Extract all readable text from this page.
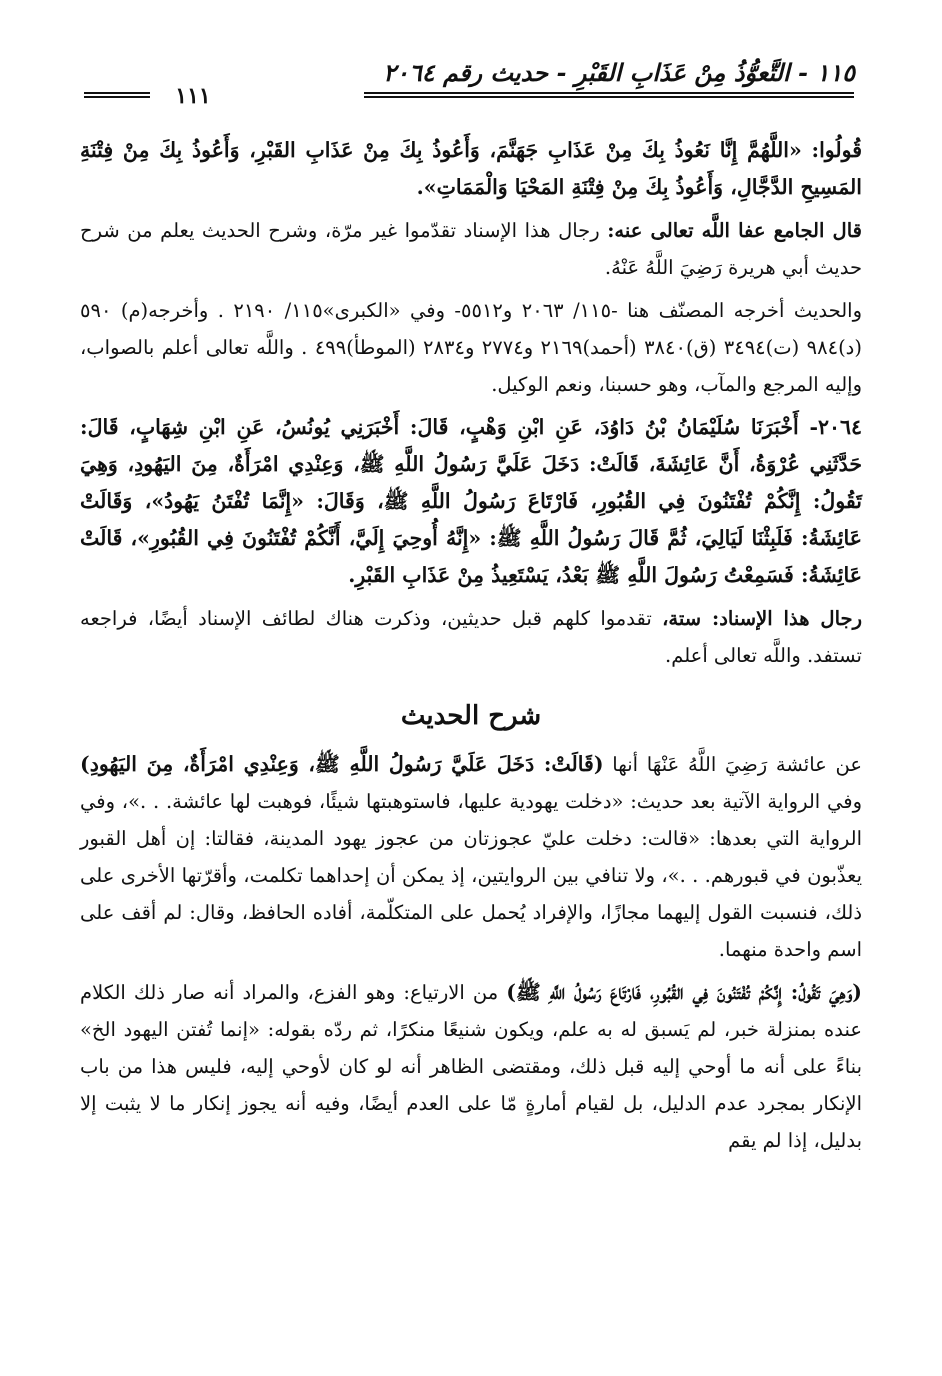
١١٥ - التَّعوُّذُ مِنْ عَذَابِ القَبْرِ - حديث رقم ٢٠٦٤
١١١

قُولُوا: «اللَّهُمَّ إِنَّا نَعُوذُ بِكَ مِنْ عَذَابِ جَهَنَّمَ، وَأَعُوذُ بِكَ مِنْ عَذَابِ القَبْرِ، وَأَعُوذُ بِكَ مِنْ فِتْنَةِ المَسِيحِ الدَّجَّالِ، وَأَعُوذُ بِكَ مِنْ فِتْنَةِ المَحْيَا وَالْمَمَاتِ».

قال الجامع عفا اللَّه تعالى عنه: رجال هذا الإسناد تقدّموا غير مرّة، وشرح الحديث يعلم من شرح حديث أبي هريرة رَضِيَ اللَّهُ عَنْهُ.

والحديث أخرجه المصنّف هنا -١١٥/ ٢٠٦٣ و٥٥١٢- وفي «الكبرى»١١٥/ ٢١٩٠ . وأخرجه(م) ٥٩٠ (د)٩٨٤ (ت)٣٤٩٤ (ق)٣٨٤٠ (أحمد)٢١٦٩ و٢٧٧٤ و٢٨٣٤ (الموطأ)٤٩٩ . واللَّه تعالى أعلم بالصواب، وإليه المرجع والمآب، وهو حسبنا، ونعم الوكيل.

٢٠٦٤- أَخْبَرَنَا سُلَيْمَانُ بْنُ دَاوُدَ، عَنِ ابْنِ وَهْبٍ، قَالَ: أَخْبَرَنِي يُونُسُ، عَنِ ابْنِ شِهَابٍ، قَالَ: حَدَّثَنِي عُرْوَةُ، أَنَّ عَائِشَةَ، قَالَتْ: دَخَلَ عَلَيَّ رَسُولُ اللَّهِ ﷺ، وَعِنْدِي امْرَأَةٌ، مِنَ اليَهُودِ، وَهِيَ تَقُولُ: إِنَّكُمْ تُفْتَنُونَ فِي القُبُورِ، فَارْتَاعَ رَسُولُ اللَّهِ ﷺ، وَقَالَ: «إِنَّمَا تُفْتَنُ يَهُودُ»، وَقَالَتْ عَائِشَةُ: فَلَبِثْنَا لَيَالِيَ، ثُمَّ قَالَ رَسُولُ اللَّهِ ﷺ: «إِنَّهُ أُوحِيَ إِلَيَّ، أَنَّكُمْ تُفْتَنُونَ فِي القُبُورِ»، قَالَتْ عَائِشَةُ: فَسَمِعْتُ رَسُولَ اللَّهِ ﷺ بَعْدُ، يَسْتَعِيذُ مِنْ عَذَابِ القَبْرِ.

رجال هذا الإسناد: ستة، تقدموا كلهم قبل حديثين، وذكرت هناك لطائف الإسناد أيضًا، فراجعه تستفد. واللَّه تعالى أعلم.

شرح الحديث

عن عائشة رَضِيَ اللَّهُ عَنْهَا أنها (قَالَتْ: دَخَلَ عَلَيَّ رَسُولُ اللَّهِ ﷺ، وَعِنْدِي امْرَأَةٌ، مِنَ اليَهُودِ) وفي الرواية الآتية بعد حديث: «دخلت يهودية عليها، فاستوهبتها شيئًا، فوهبت لها عائشة. . .»، وفي الرواية التي بعدها: «قالت: دخلت عليّ عجوزتان من عجوز يهود المدينة، فقالتا: إن أهل القبور يعذّبون في قبورهم. . .»، ولا تنافي بين الروايتين، إذ يمكن أن إحداهما تكلمت، وأقرّتها الأخرى على ذلك، فنسبت القول إليهما مجازًا، والإفراد يُحمل على المتكلّمة، أفاده الحافظ، وقال: لم أقف على اسم واحدة منهما.

(وَهِيَ تَقُولُ: إِنَّكُمْ تُفْتَنُونَ فِي القُبُورِ، فَارْتَاعَ رَسُولُ اللَّهِ ﷺ) من الارتياع: وهو الفزع، والمراد أنه صار ذلك الكلام عنده بمنزلة خبر، لم يَسبق له به علم، ويكون شنيعًا منكرًا، ثم ردّه بقوله: «إنما تُفتن اليهود الخ» بناءً على أنه ما أوحي إليه قبل ذلك، ومقتضى الظاهر أنه لو كان لأوحي إليه، فليس هذا من باب الإنكار بمجرد عدم الدليل، بل لقيام أمارةٍ مّا على العدم أيضًا، وفيه أنه يجوز إنكار ما لا يثبت إلا بدليل، إذا لم يقم
